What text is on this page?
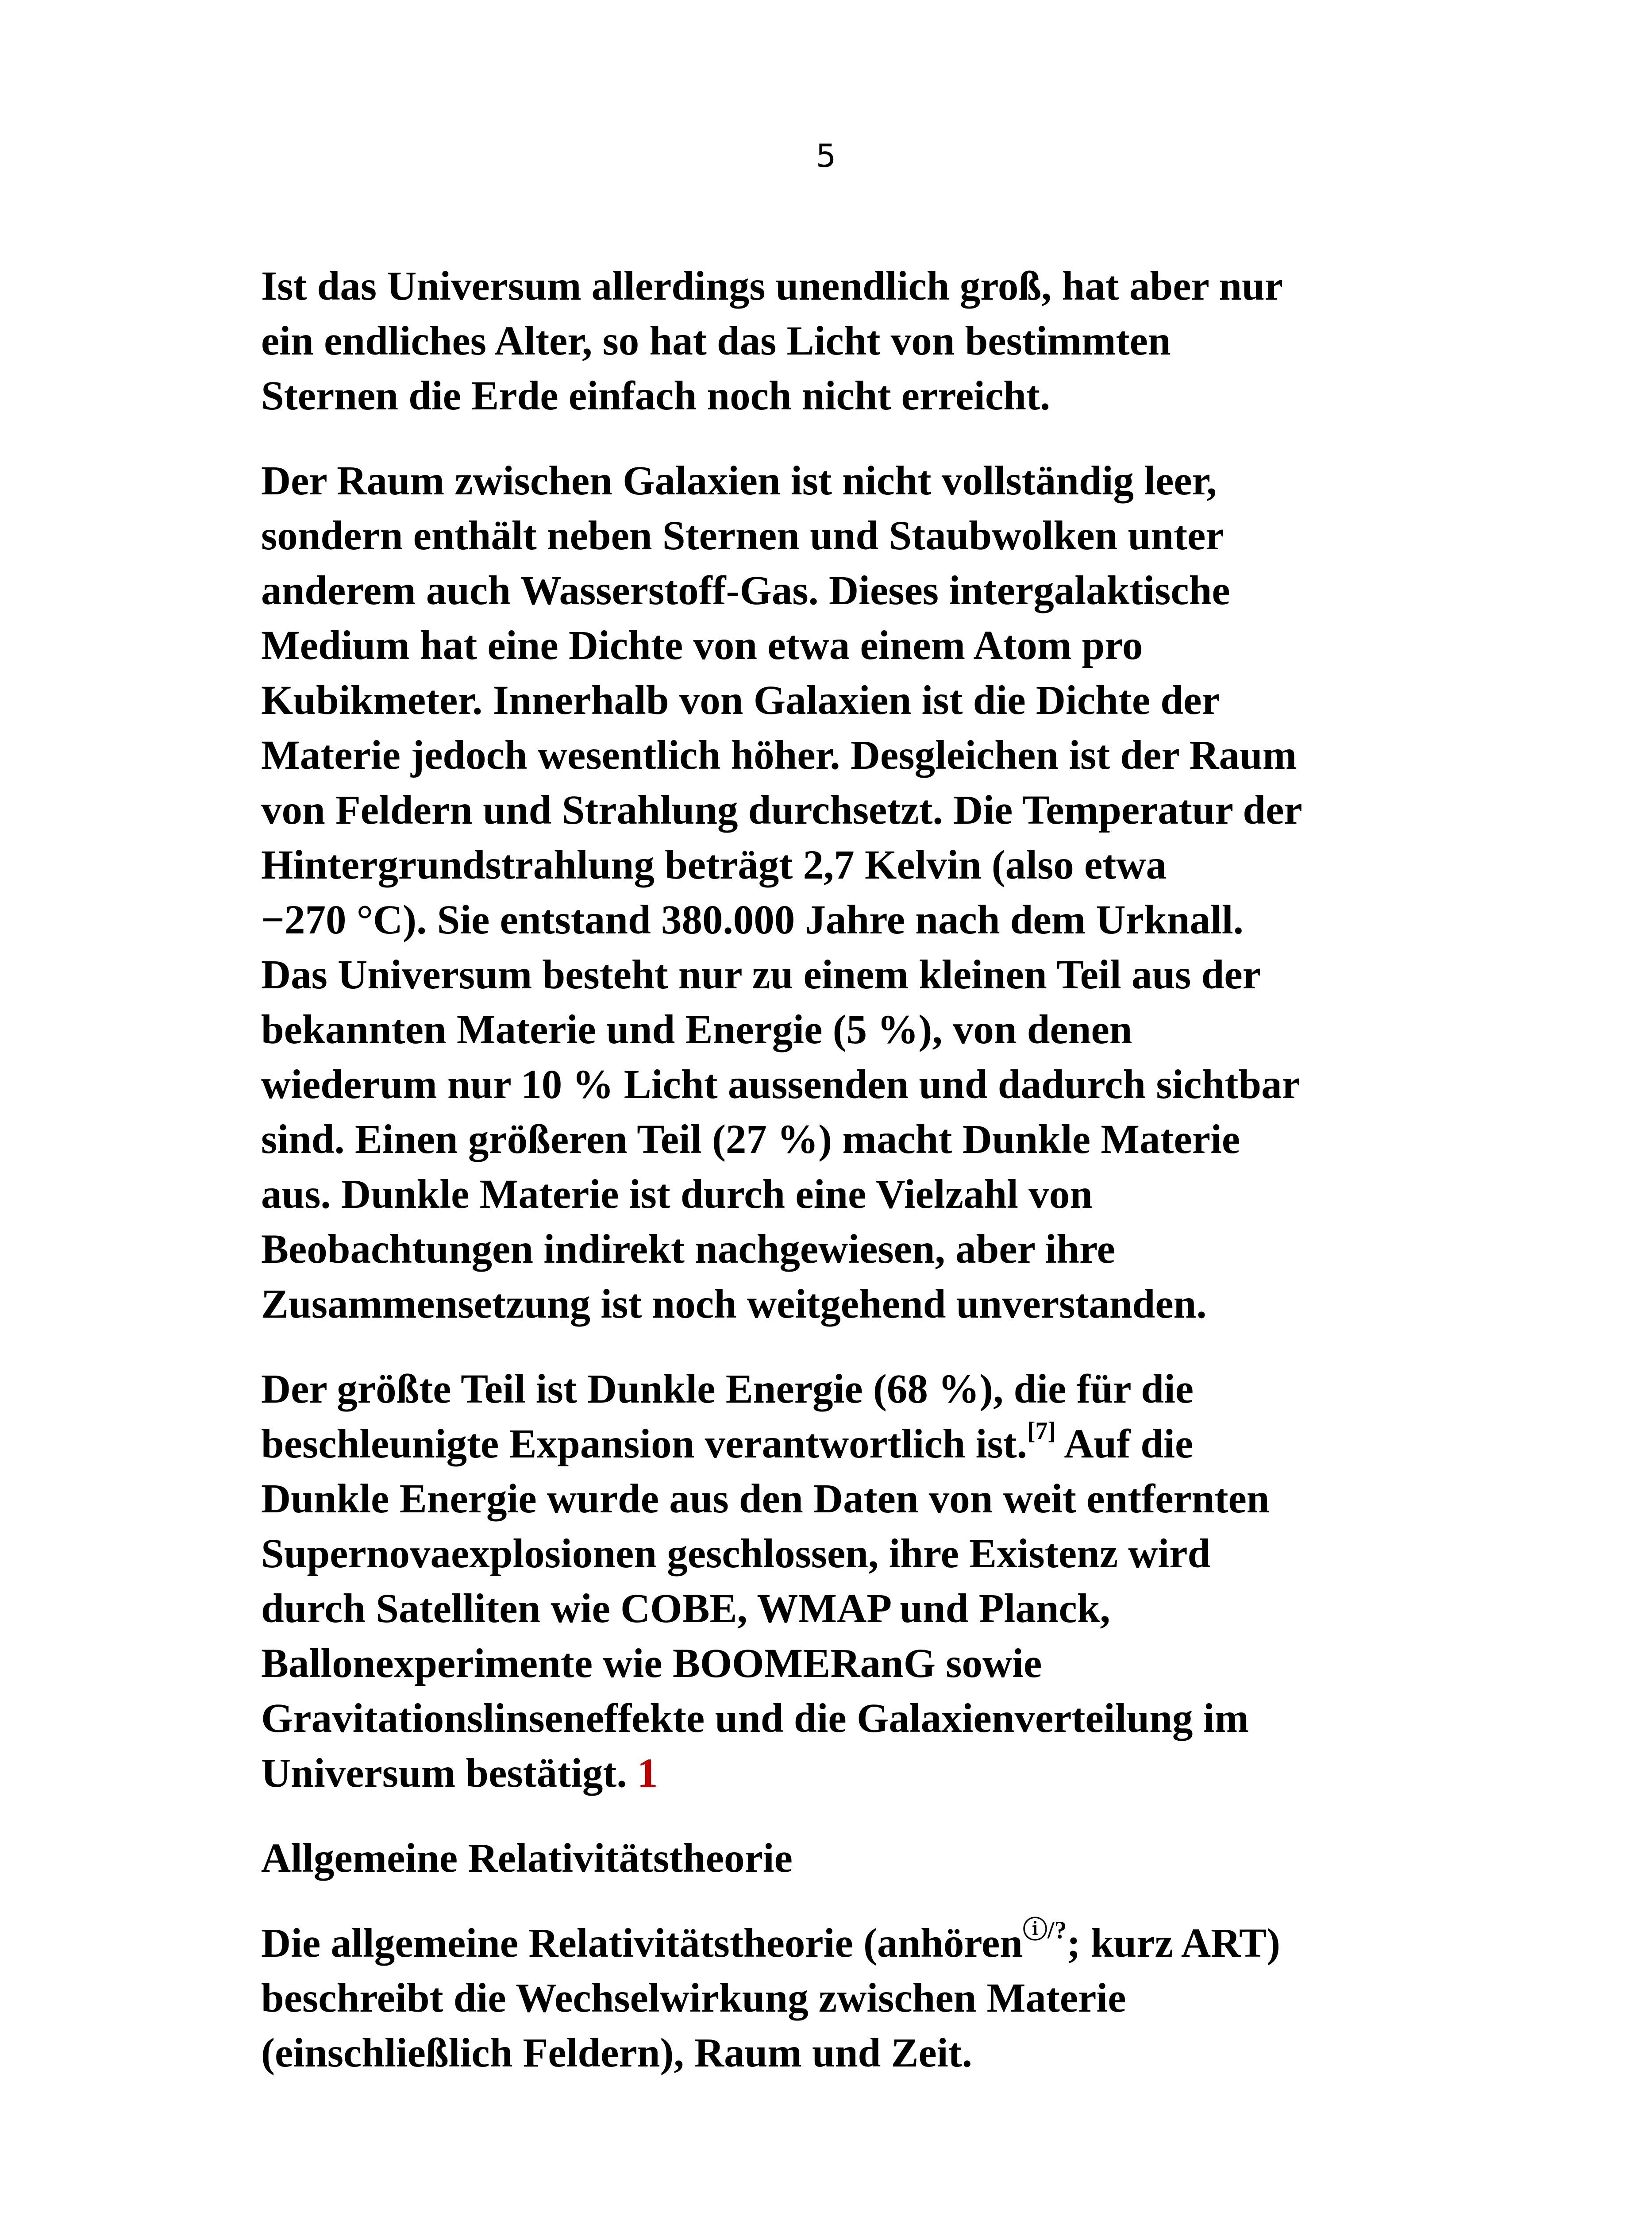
5

Ist das Universum allerdings unendlich groß, hat aber nur
ein endliches Alter, so hat das Licht von bestimmten
Sternen die Erde einfach noch nicht erreicht.

Der Raum zwischen Galaxien ist nicht vollständig leer,
sondern enthält neben Sternen und Staubwolken unter
anderem auch Wasserstoff-Gas. Dieses intergalaktische
Medium hat eine Dichte von etwa einem Atom pro
Kubikmeter. Innerhalb von Galaxien ist die Dichte der
Materie jedoch wesentlich höher. Desgleichen ist der Raum
von Feldern und Strahlung durchsetzt. Die Temperatur der
Hintergrundstrahlung beträgt 2,7 Kelvin (also etwa
−270 °C). Sie entstand 380.000 Jahre nach dem Urknall.
Das Universum besteht nur zu einem kleinen Teil aus der
bekannten Materie und Energie (5 %), von denen
wiederum nur 10 % Licht aussenden und dadurch sichtbar
sind. Einen größeren Teil (27 %) macht Dunkle Materie
aus. Dunkle Materie ist durch eine Vielzahl von
Beobachtungen indirekt nachgewiesen, aber ihre
Zusammensetzung ist noch weitgehend unverstanden.

Der größte Teil ist Dunkle Energie (68 %), die für die
beschleunigte Expansion verantwortlich ist.[7] Auf die
Dunkle Energie wurde aus den Daten von weit entfernten
Supernovaexplosionen geschlossen, ihre Existenz wird
durch Satelliten wie COBE, WMAP und Planck,
Ballonexperimente wie BOOMERanG sowie
Gravitationslinseneffekte und die Galaxienverteilung im
Universum bestätigt. 1

Allgemeine Relativitätstheorie

Die allgemeine Relativitätstheorie (anhörenⓘ/?; kurz ART)
beschreibt die Wechselwirkung zwischen Materie
(einschließlich Feldern), Raum und Zeit.
